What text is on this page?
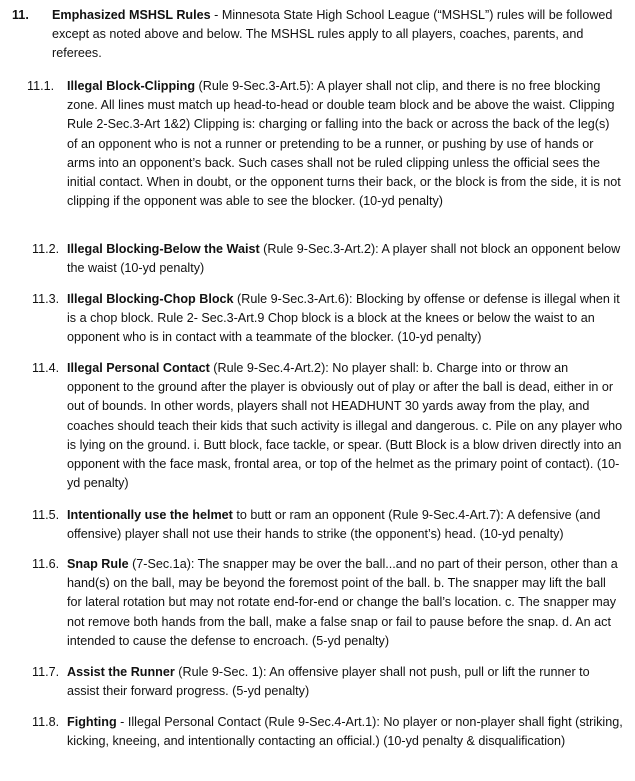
11. Emphasized MSHSL Rules - Minnesota State High School League (“MSHSL”) rules will be followed except as noted above and below. The MSHSL rules apply to all players, coaches, parents, and referees.
11.1. Illegal Block-Clipping (Rule 9-Sec.3-Art.5): A player shall not clip, and there is no free blocking zone. All lines must match up head-to-head or double team block and be above the waist. Clipping Rule 2-Sec.3-Art 1&2) Clipping is: charging or falling into the back or across the back of the leg(s) of an opponent who is not a runner or pretending to be a runner, or pushing by use of hands or arms into an opponent’s back. Such cases shall not be ruled clipping unless the official sees the initial contact. When in doubt, or the opponent turns their back, or the block is from the side, it is not clipping if the opponent was able to see the blocker. (10-yd penalty)
11.2. Illegal Blocking-Below the Waist (Rule 9-Sec.3-Art.2): A player shall not block an opponent below the waist (10-yd penalty)
11.3. Illegal Blocking-Chop Block (Rule 9-Sec.3-Art.6): Blocking by offense or defense is illegal when it is a chop block. Rule 2- Sec.3-Art.9 Chop block is a block at the knees or below the waist to an opponent who is in contact with a teammate of the blocker. (10-yd penalty)
11.4. Illegal Personal Contact (Rule 9-Sec.4-Art.2): No player shall: b. Charge into or throw an opponent to the ground after the player is obviously out of play or after the ball is dead, either in or out of bounds. In other words, players shall not HEADHUNT 30 yards away from the play, and coaches should teach their kids that such activity is illegal and dangerous. c. Pile on any player who is lying on the ground. i. Butt block, face tackle, or spear. (Butt Block is a blow driven directly into an opponent with the face mask, frontal area, or top of the helmet as the primary point of contact). (10-yd penalty)
11.5. Intentionally use the helmet to butt or ram an opponent (Rule 9-Sec.4-Art.7): A defensive (and offensive) player shall not use their hands to strike (the opponent’s) head. (10-yd penalty)
11.6. Snap Rule (7-Sec.1a): The snapper may be over the ball...and no part of their person, other than a hand(s) on the ball, may be beyond the foremost point of the ball. b. The snapper may lift the ball for lateral rotation but may not rotate end-for-end or change the ball’s location. c. The snapper may not remove both hands from the ball, make a false snap or fail to pause before the snap. d. An act intended to cause the defense to encroach. (5-yd penalty)
11.7. Assist the Runner (Rule 9-Sec. 1): An offensive player shall not push, pull or lift the runner to assist their forward progress. (5-yd penalty)
11.8. Fighting - Illegal Personal Contact (Rule 9-Sec.4-Art.1): No player or non-player shall fight (striking, kicking, kneeing, and intentionally contacting an official.) (10-yd penalty & disqualification)
